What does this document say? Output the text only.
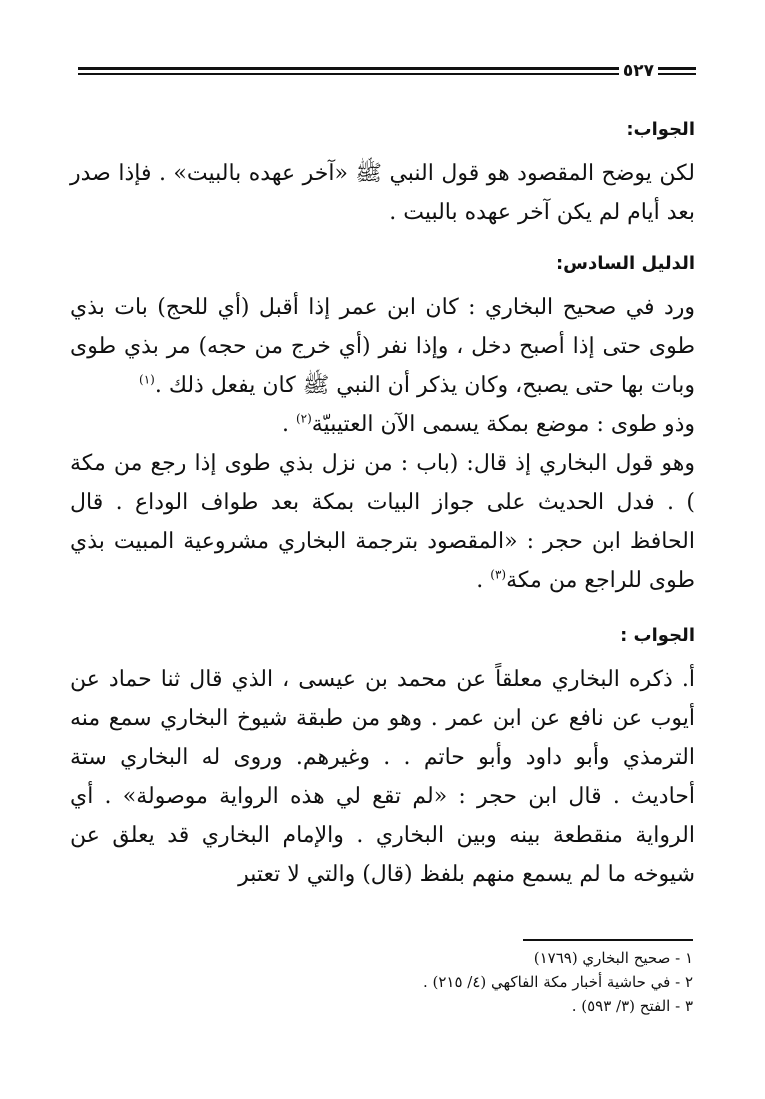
٥٢٧
الجواب:

لكن يوضح المقصود هو قول النبي ﷺ «آخر عهده بالبيت» . فإذا صدر بعد أيام لم يكن آخر عهده بالبيت .

الدليل السادس:

ورد في صحيح البخاري : كان ابن عمر إذا أقبل (أي للحج) بات بذي طوى حتى إذا أصبح دخل ، وإذا نفر (أي خرج من حجه) مر بذي طوى وبات بها حتى يصبح، وكان يذكر أن النبي ﷺ كان يفعل ذلك .$^{(١)}$

وذو طوى : موضع بمكة يسمى الآن العتيبيّة$^{(٢)}$ .

وهو قول البخاري إذ قال: (باب : من نزل بذي طوى إذا رجع من مكة ) . فدل الحديث على جواز البيات بمكة بعد طواف الوداع . قال الحافظ ابن حجر : «المقصود بترجمة البخاري مشروعية المبيت بذي طوى للراجع من مكة$^{(٣)}$ .

الجواب :

أ. ذكره البخاري معلقاً عن محمد بن عيسى ، الذي قال ثنا حماد عن أيوب عن نافع عن ابن عمر . وهو من طبقة شيوخ البخاري سمع منه الترمذي وأبو داود وأبو حاتم . . وغيرهم. وروى له البخاري ستة أحاديث . قال ابن حجر : «لم تقع لي هذه الرواية موصولة» . أي الرواية منقطعة بينه وبين البخاري . والإمام البخاري قد يعلق عن شيوخه ما لم يسمع منهم بلفظ (قال) والتي لا تعتبر

١ - صحيح البخاري (١٧٦٩)

٢ - في حاشية أخبار مكة الفاكهي (٤/ ٢١٥) .

٣ - الفتح (٣/ ٥٩٣) .
